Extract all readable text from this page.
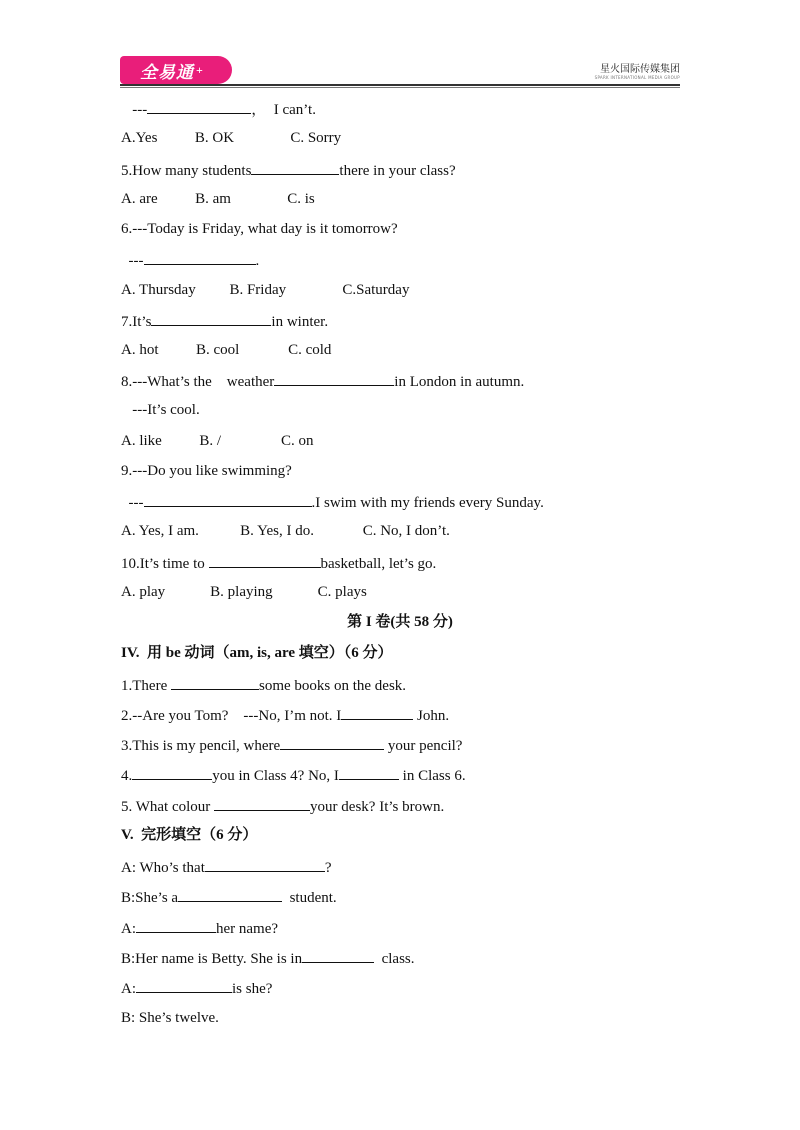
全易通 +	星火国际传媒集团
SPARK INTERNATIONAL MEDIA GROUP
---	，  I can’t.
A.Yes          B. OK               C. Sorry
5.How many students	there in your class?
A. are          B. am               C. is
6.---Today is Friday, what day is it tomorrow?
---	.
A. Thursday         B. Friday               C.Saturday
7.It’s	in winter.
A. hot          B. cool             C. cold
8.---What’s the    weather	in London in autumn.
---It’s cool.
A. like          B. /                C. on
9.---Do you like swimming?
---	.I swim with my friends every Sunday.
A. Yes, I am.           B. Yes, I do.             C. No, I don’t.
10.It’s time to	basketball, let’s go.
A. play            B. playing            C. plays
第 I 卷(共 58 分)
IV.  用 be 动词（am, is, are 填空）（6 分）
1.There	some books on the desk.
2.--Are you Tom?    ---No, I’m not. I	John.
3.This is my pencil, where	your pencil?
4.	you in Class 4? No, I	in Class 6.
5. What colour	your desk? It’s brown.
V.  完形填空（6 分）
A: Who’s that	?
B:She’s a	student.
A:	her name?
B:Her name is Betty. She is in	class.
A:	is she?
B: She’s twelve.
